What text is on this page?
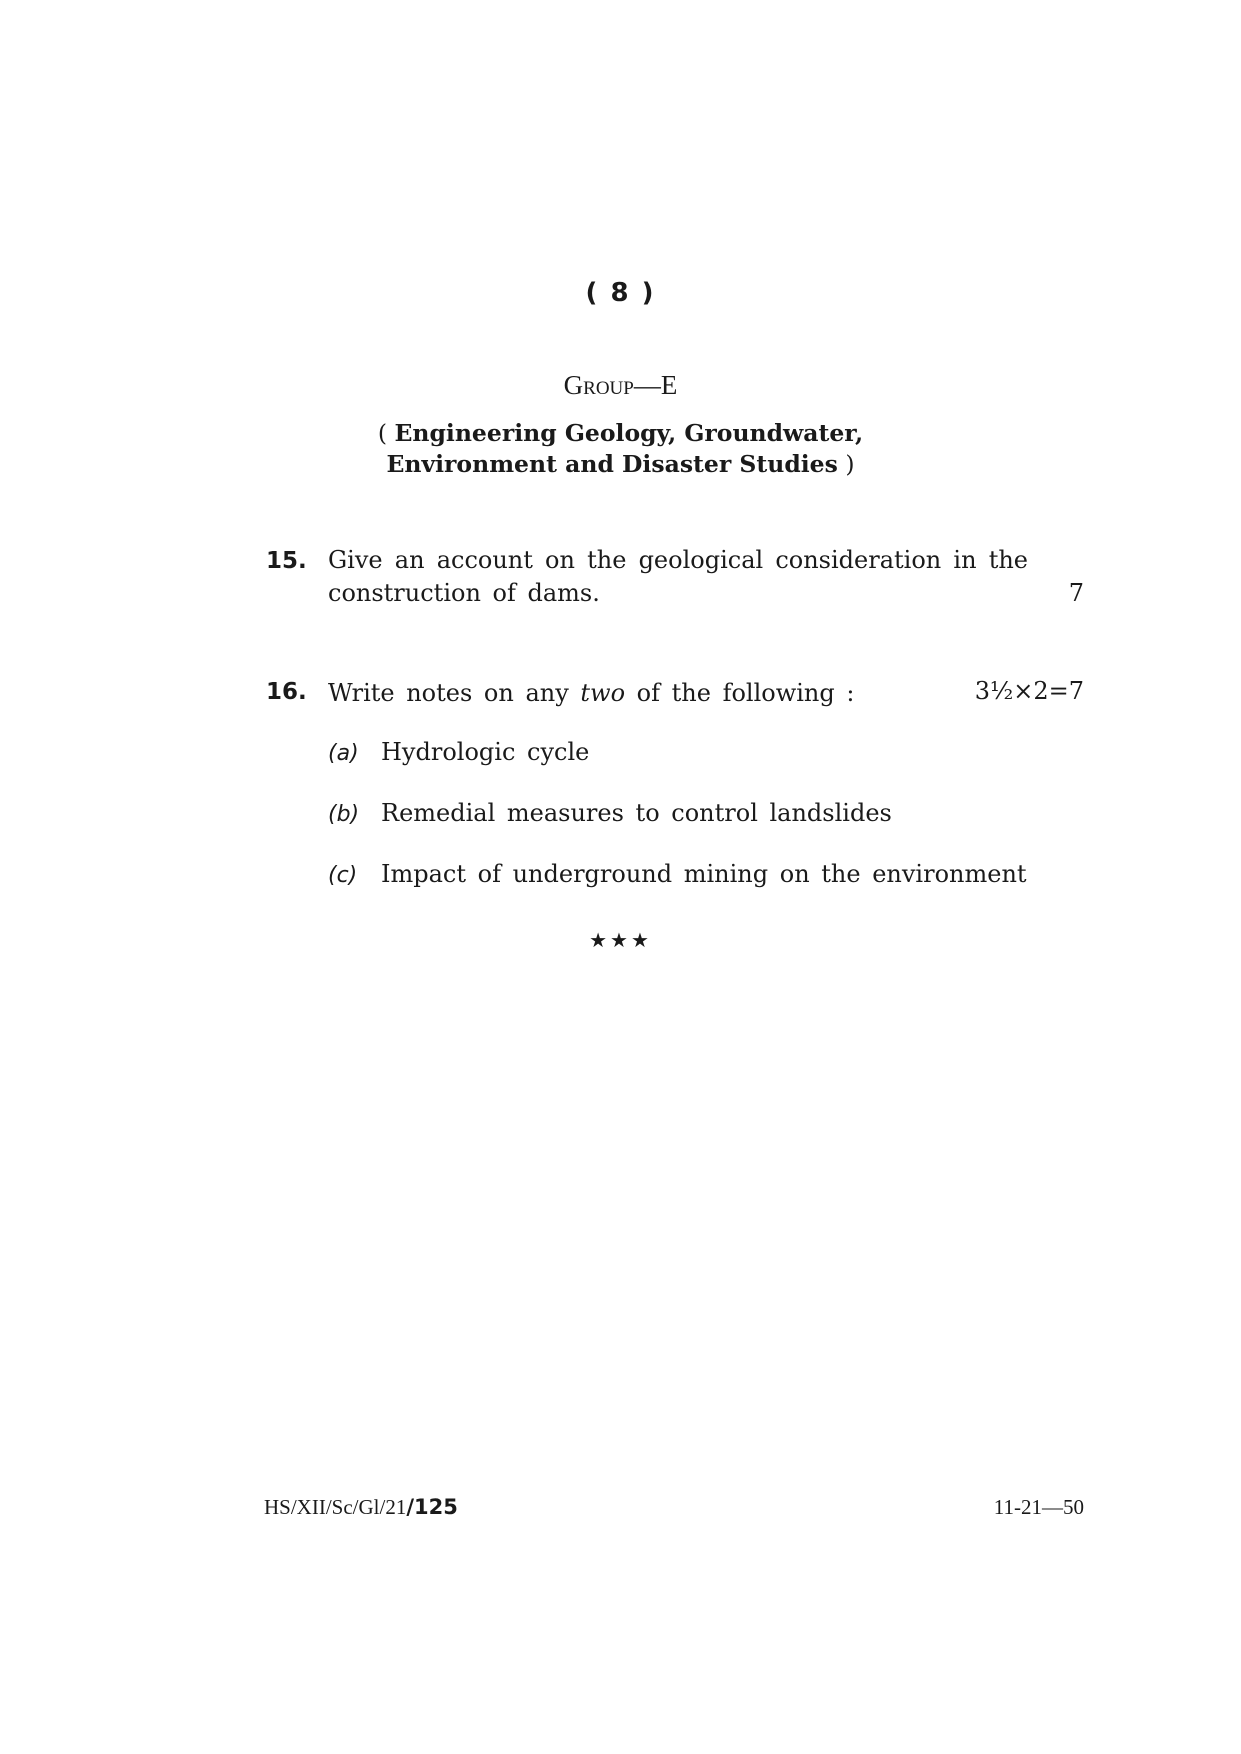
( 8 )
Group—E
( Engineering Geology, Groundwater, Environment and Disaster Studies )
15. Give an account on the geological consideration in the construction of dams.	7
16. Write notes on any two of the following :	3½×2=7
(a) Hydrologic cycle
(b) Remedial measures to control landslides
(c) Impact of underground mining on the environment
★★★
HS/XII/Sc/Gl/21/125	11-21—50
